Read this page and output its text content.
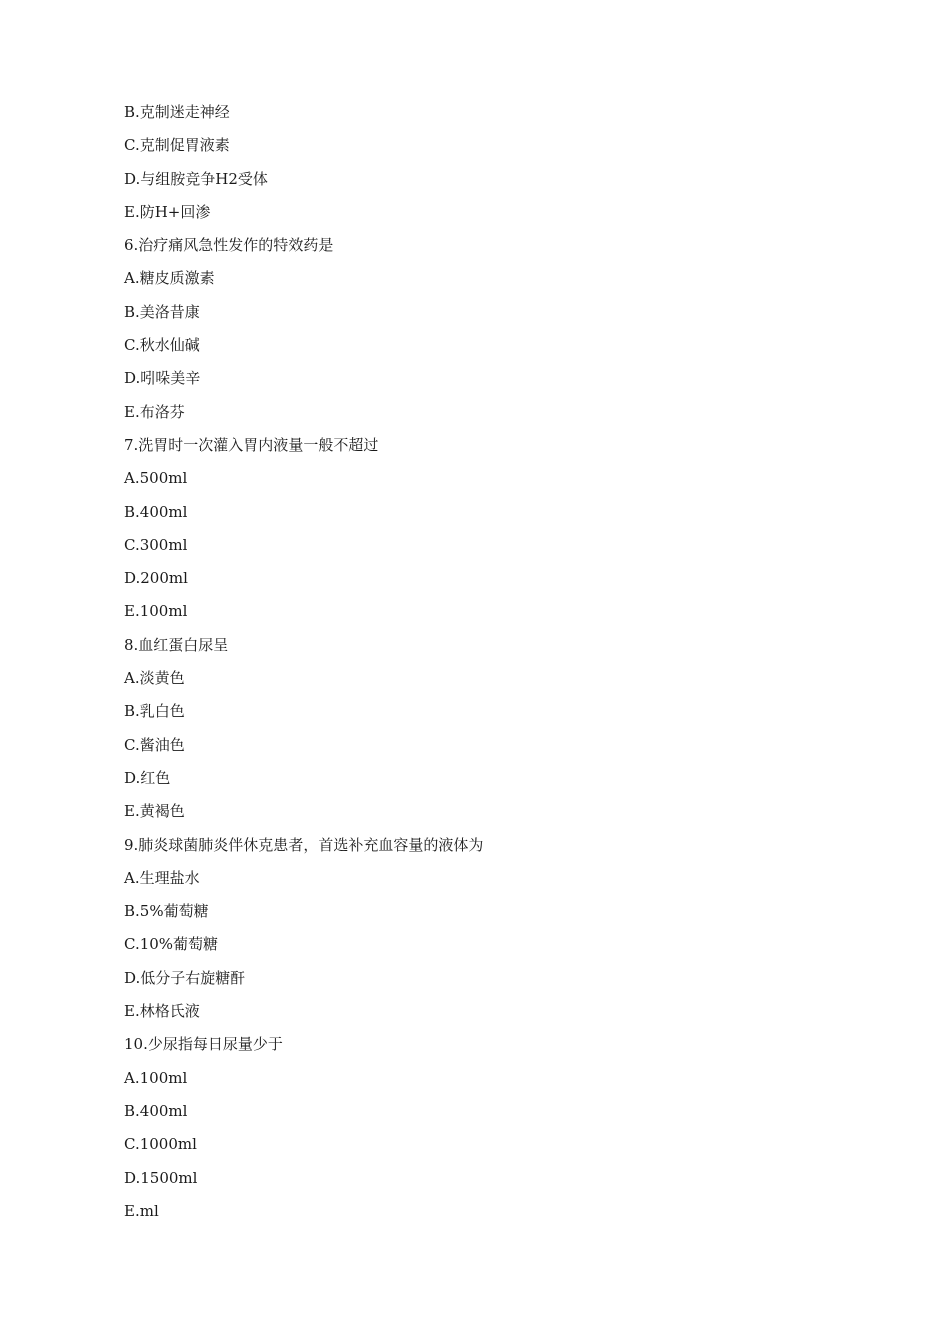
B.克制迷走神经
C.克制促胃液素
D.与组胺竞争H2受体
E.防H+回渗
6.治疗痛风急性发作的特效药是
A.糖皮质激素
B.美洛昔康
C.秋水仙碱
D.吲哚美辛
E.布洛芬
7.洗胃时一次灌入胃内液量一般不超过
A.500ml
B.400ml
C.300ml
D.200ml
E.100ml
8.血红蛋白尿呈
A.淡黄色
B.乳白色
C.酱油色
D.红色
E.黄褐色
9.肺炎球菌肺炎伴休克患者，首选补充血容量的液体为
A.生理盐水
B.5%葡萄糖
C.10%葡萄糖
D.低分子右旋糖酐
E.林格氏液
10.少尿指每日尿量少于
A.100ml
B.400ml
C.1000ml
D.1500ml
E.ml
